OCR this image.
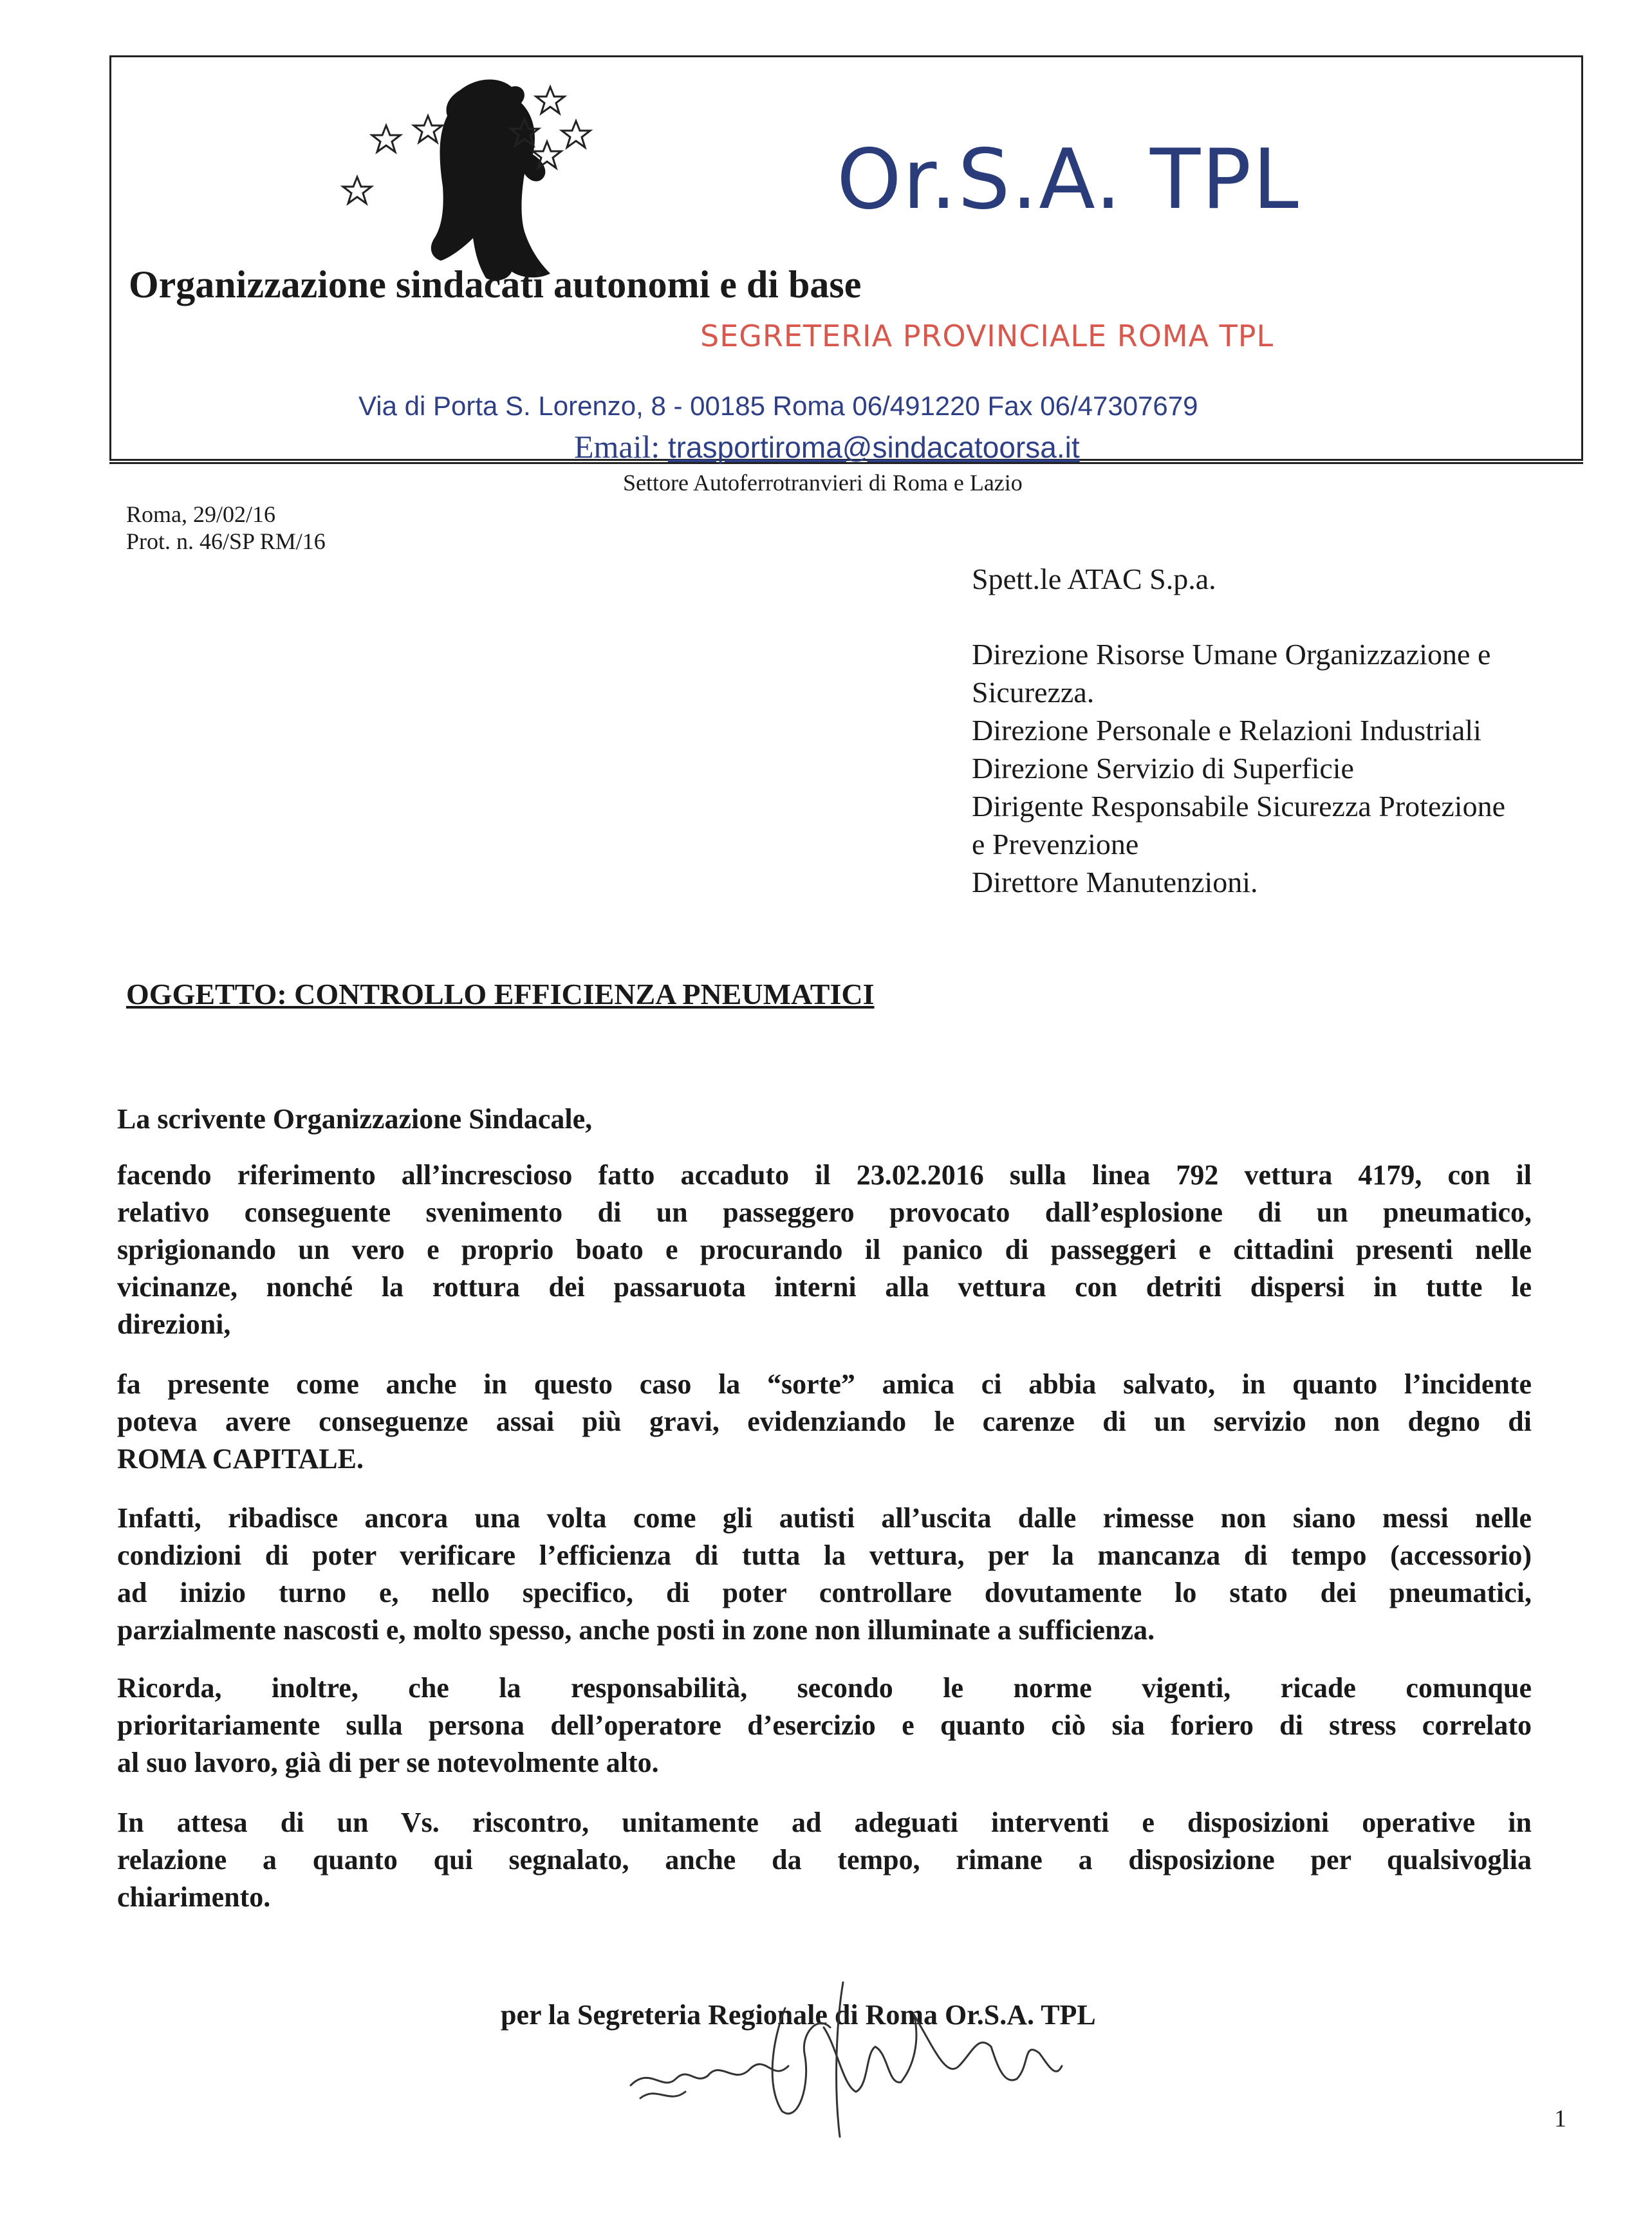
Or.S.A. TPL
Organizzazione sindacati autonomi e di base
SEGRETERIA PROVINCIALE ROMA TPL
Via di Porta S. Lorenzo, 8 - 00185 Roma 06/491220 Fax 06/47307679
Email: trasportiroma@sindacatoorsa.it
Settore Autoferrotranvieri di Roma e Lazio
Roma, 29/02/16
Prot. n. 46/SP RM/16
Spett.le ATAC S.p.a.
Direzione Risorse Umane Organizzazione e
Sicurezza.
Direzione Personale e Relazioni Industriali
Direzione Servizio di Superficie
Dirigente Responsabile Sicurezza Protezione
e Prevenzione
Direttore Manutenzioni.
OGGETTO: CONTROLLO EFFICIENZA PNEUMATICI
La scrivente Organizzazione Sindacale,
facendo riferimento all’increscioso fatto accaduto il 23.02.2016 sulla linea 792 vettura 4179, con il
relativo conseguente svenimento di un passeggero provocato dall’esplosione di un pneumatico,
sprigionando un vero e proprio boato e procurando il panico di passeggeri e cittadini presenti nelle
vicinanze, nonché la rottura dei passaruota interni alla vettura con detriti dispersi in tutte le
direzioni,
fa presente come anche in questo caso la “sorte” amica ci abbia salvato, in quanto l’incidente
poteva avere conseguenze assai più gravi, evidenziando le carenze di un servizio non degno di
ROMA CAPITALE.
Infatti, ribadisce ancora una volta come gli autisti all’uscita dalle rimesse non siano messi nelle
condizioni di poter verificare l’efficienza di tutta la vettura, per la mancanza di tempo (accessorio)
ad inizio turno e, nello specifico, di poter controllare dovutamente lo stato dei pneumatici,
parzialmente nascosti e, molto spesso, anche posti in zone non illuminate a sufficienza.
Ricorda, inoltre, che la responsabilità, secondo le norme vigenti, ricade comunque
prioritariamente sulla persona dell’operatore d’esercizio e quanto ciò sia foriero di stress correlato
al suo lavoro, già di per se notevolmente alto.
In attesa di un Vs. riscontro, unitamente ad adeguati interventi e disposizioni operative in
relazione a quanto qui segnalato, anche da tempo, rimane a disposizione per qualsivoglia
chiarimento.
per la Segreteria Regionale di Roma Or.S.A. TPL
1
